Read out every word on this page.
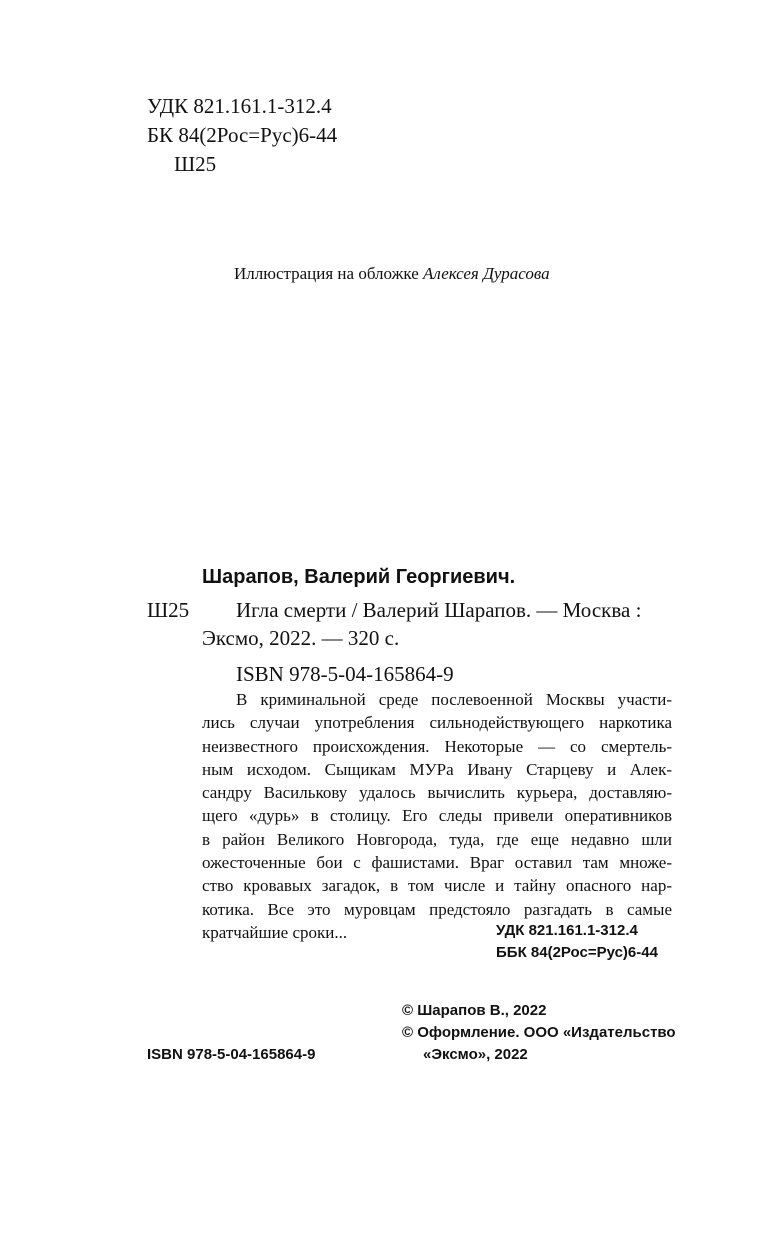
УДК 821.161.1-312.4
БК 84(2Рос=Рус)6-44
Ш25
Иллюстрация на обложке Алексея Дурасова
Шарапов, Валерий Георгиевич.
Ш25 Игла смерти / Валерий Шарапов. — Москва :
Эксмо, 2022. — 320 с.
ISBN 978-5-04-165864-9
В криминальной среде послевоенной Москвы участи-
лись случаи употребления сильнодействующего наркотика
неизвестного происхождения. Некоторые — со смертель-
ным исходом. Сыщикам МУРа Ивану Старцеву и Алек-
сандру Василькову удалось вычислить курьера, доставляю-
щего «дурь» в столицу. Его следы привели оперативников
в район Великого Новгорода, туда, где еще недавно шли
ожесточенные бои с фашистами. Враг оставил там множе-
ство кровавых загадок, в том числе и тайну опасного нар-
котика. Все это муровцам предстояло разгадать в самые
кратчайшие сроки...	УДК 821.161.1-312.4
ББК 84(2Рос=Рус)6-44
© Шарапов В., 2022
© Оформление. ООО «Издательство
«Эксмо», 2022
ISBN 978-5-04-165864-9
